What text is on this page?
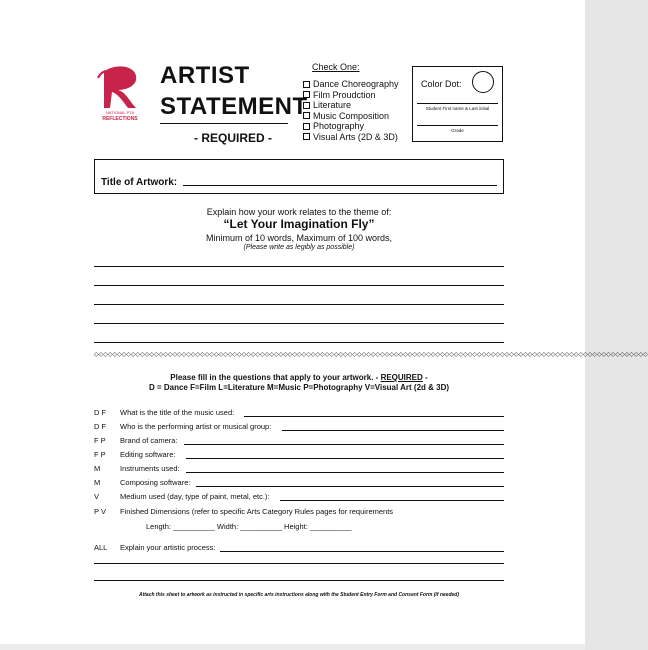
NATIONAL PTA
REFLECTIONS
ARTIST
STATEMENT
- REQUIRED -
Check One:
Dance Choreography
Film Proudction
Literature
Music Composition
Photography
Visual Arts (2D & 3D)
Color Dot:
Student First name & Last initial
Grade
Title of Artwork:
Explain how your work relates to the theme of:
“Let Your Imagination Fly”
Minimum of 10 words, Maximum of 100 words,
(Please write as legibly as possible)
◇◇◇◇◇◇◇◇◇◇◇◇◇◇◇◇◇◇◇◇◇◇◇◇◇◇◇◇◇◇◇◇◇◇◇◇◇◇◇◇◇◇◇◇◇◇◇◇◇◇◇◇◇◇◇◇◇◇◇◇◇◇◇◇◇◇◇◇◇◇◇◇◇◇◇◇◇◇◇◇◇◇◇◇◇◇◇◇◇◇◇◇◇◇◇◇◇◇◇◇◇◇◇◇◇◇◇◇◇◇◇◇◇◇◇◇◇◇◇◇
Please fill in the questions that apply to your artwork. - REQUIRED -
D = Dance F=Film L=Literature M=Music P=Photography V=Visual Art (2d & 3D)
D F What is the title of the music used:
D F Who is the performing artist or musical group:
F P Brand of camera:
F P Editing software:
M	Instruments used:
M	Composing software:
V	Medium used (day, type of paint, metal, etc.):
P V Finished Dimensions (refer to specific Arts Category Rules pages for requirements
Length: __________ Width: __________ Height: __________
ALL Explain your artistic process:
Attach this sheet to artwork as instructed in specific arts instructions along with the Student Entry Form and Consent Form (if needed)
